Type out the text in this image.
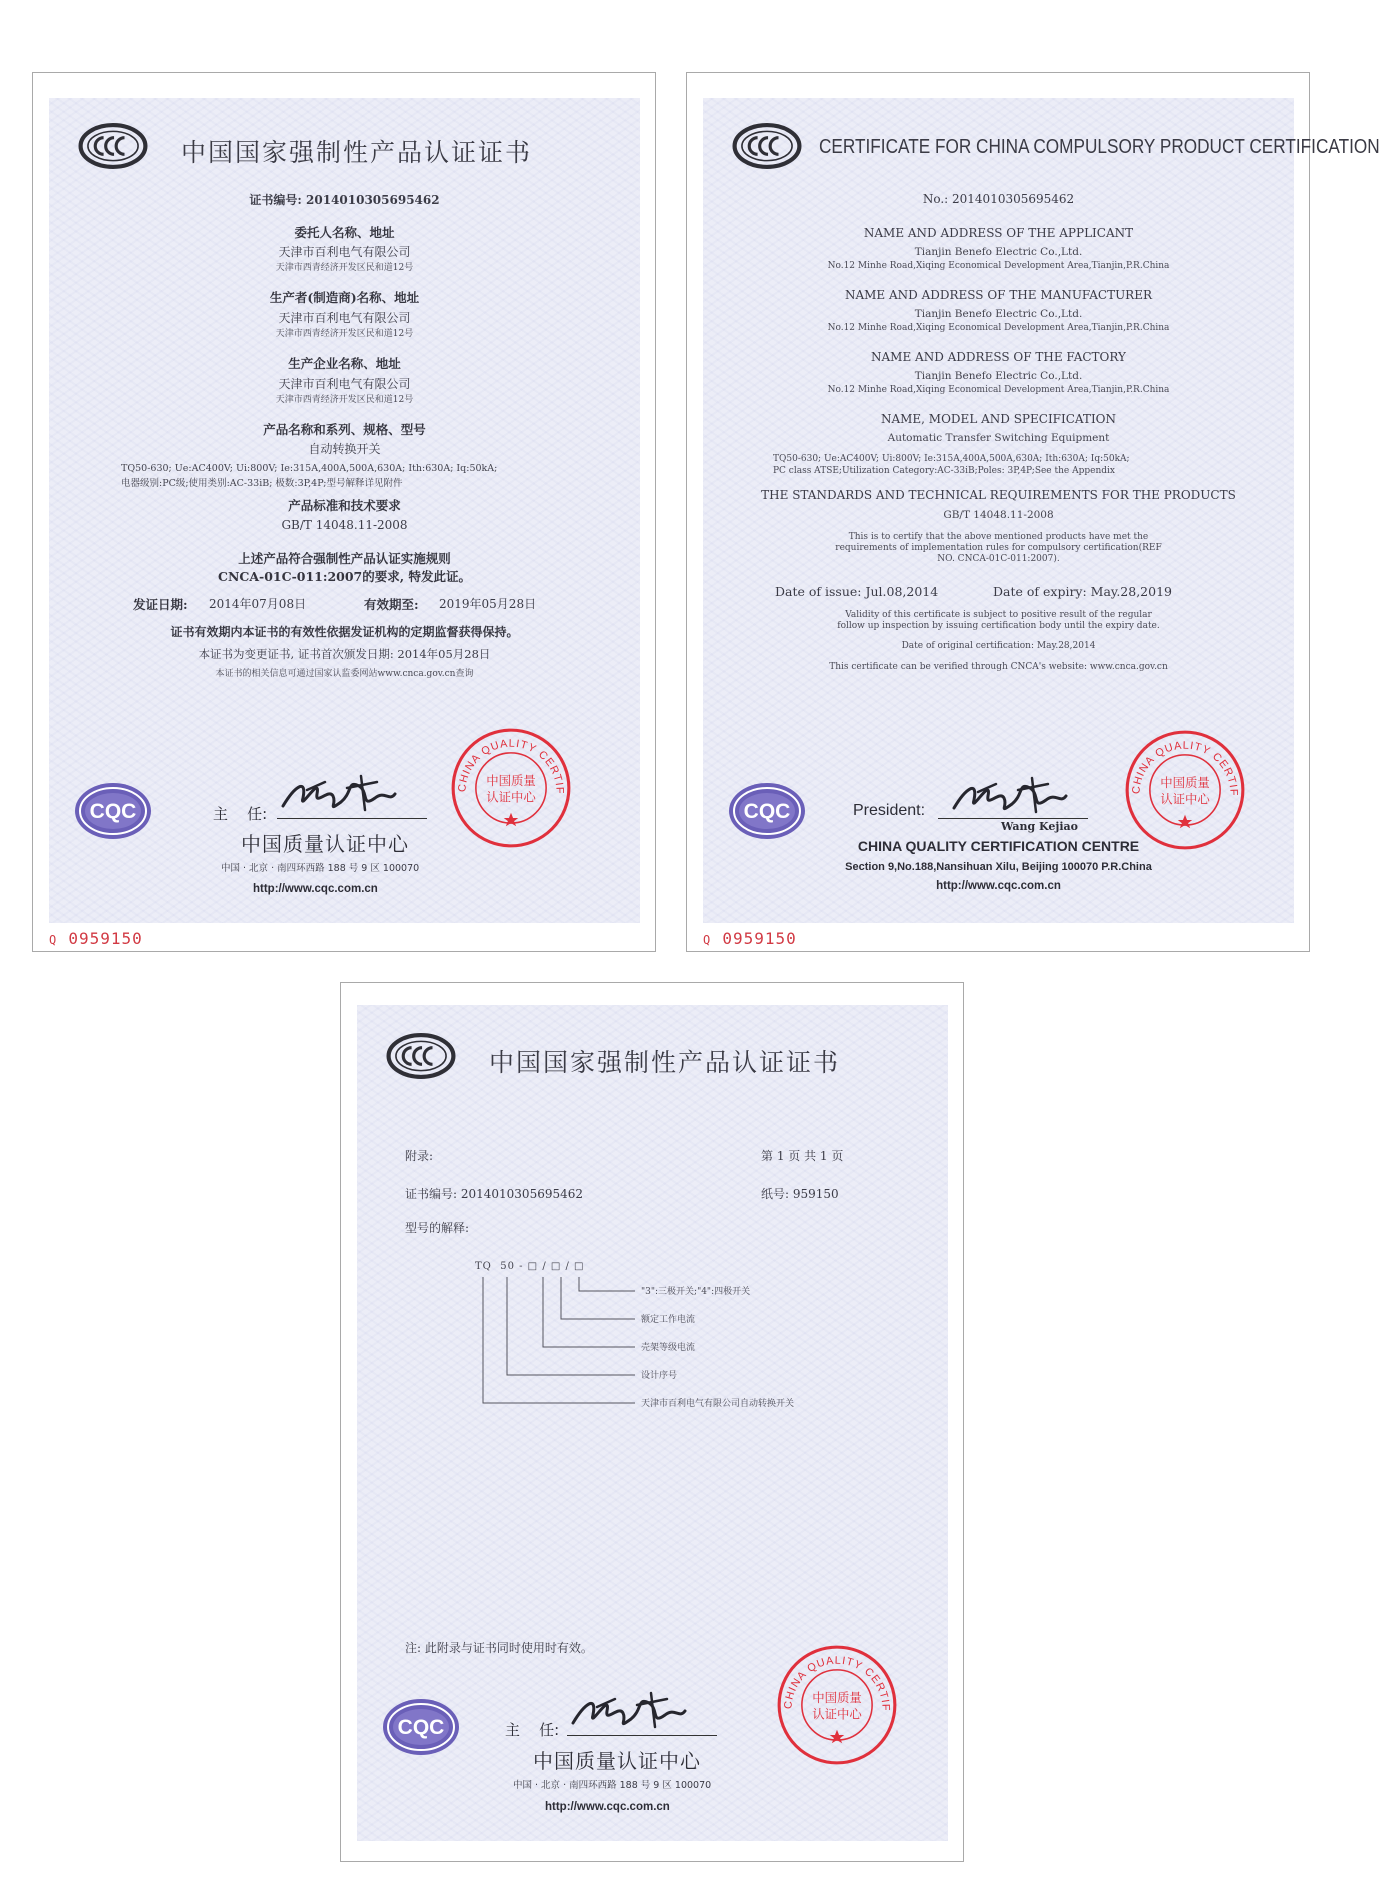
中国国家强制性产品认证证书
证书编号: 2014010305695462
委托人名称、地址
天津市百利电气有限公司
天津市西青经济开发区民和道12号
生产者(制造商)名称、地址
天津市百利电气有限公司
天津市西青经济开发区民和道12号
生产企业名称、地址
天津市百利电气有限公司
天津市西青经济开发区民和道12号
产品名称和系列、规格、型号
自动转换开关
TQ50-630; Ue:AC400V; Ui:800V; Ie:315A,400A,500A,630A; Ith:630A; Iq:50kA;
电器级别:PC级;使用类别:AC-33iB; 极数:3P,4P;型号解释详见附件
产品标准和技术要求
GB/T 14048.11-2008
上述产品符合强制性产品认证实施规则
CNCA-01C-011:2007的要求, 特发此证。
发证日期: 2014年07月08日	有效期至: 2019年05月28日
证书有效期内本证书的有效性依据发证机构的定期监督获得保持。
本证书为变更证书, 证书首次颁发日期: 2014年05月28日
本证书的相关信息可通过国家认监委网站www.cnca.gov.cn查询
主    任:
中国质量认证中心
中国 · 北京 · 南四环西路 188 号 9 区 100070
http://www.cqc.com.cn
Q 0959150
CERTIFICATE FOR CHINA COMPULSORY PRODUCT CERTIFICATION
No.: 2014010305695462
NAME AND ADDRESS OF THE APPLICANT
Tianjin Benefo Electric Co.,Ltd.
No.12 Minhe Road,Xiqing Economical Development Area,Tianjin,P.R.China
NAME AND ADDRESS OF THE MANUFACTURER
Tianjin Benefo Electric Co.,Ltd.
No.12 Minhe Road,Xiqing Economical Development Area,Tianjin,P.R.China
NAME AND ADDRESS OF THE FACTORY
Tianjin Benefo Electric Co.,Ltd.
No.12 Minhe Road,Xiqing Economical Development Area,Tianjin,P.R.China
NAME, MODEL AND SPECIFICATION
Automatic Transfer Switching Equipment
TQ50-630; Ue:AC400V; Ui:800V; Ie:315A,400A,500A,630A; Ith:630A; Iq:50kA;
PC class ATSE;Utilization Category:AC-33iB;Poles: 3P,4P;See the Appendix
THE STANDARDS AND TECHNICAL REQUIREMENTS FOR THE PRODUCTS
GB/T 14048.11-2008
This is to certify that the above mentioned products have met the
requirements of implementation rules for compulsory certification(REF
NO. CNCA-01C-011:2007).
Date of issue: Jul.08,2014	Date of expiry: May.28,2019
Validity of this certificate is subject to positive result of the regular
follow up inspection by issuing certification body until the expiry date.
Date of original certification: May.28,2014
This certificate can be verified through CNCA's website: www.cnca.gov.cn
President:
Wang Kejiao
CHINA QUALITY CERTIFICATION CENTRE
Section 9,No.188,Nansihuan Xilu, Beijing 100070 P.R.China
http://www.cqc.com.cn
Q 0959150
中国国家强制性产品认证证书
附录:	第 1 页 共 1 页
证书编号: 2014010305695462	纸号: 959150
型号的解释:
TQ  50 - □ / □ / □
"3":三极开关;"4":四极开关
额定工作电流
壳架等级电流
设计序号
天津市百利电气有限公司自动转换开关
注: 此附录与证书同时使用时有效。
主    任:
中国质量认证中心
中国 · 北京 · 南四环西路 188 号 9 区 100070
http://www.cqc.com.cn
